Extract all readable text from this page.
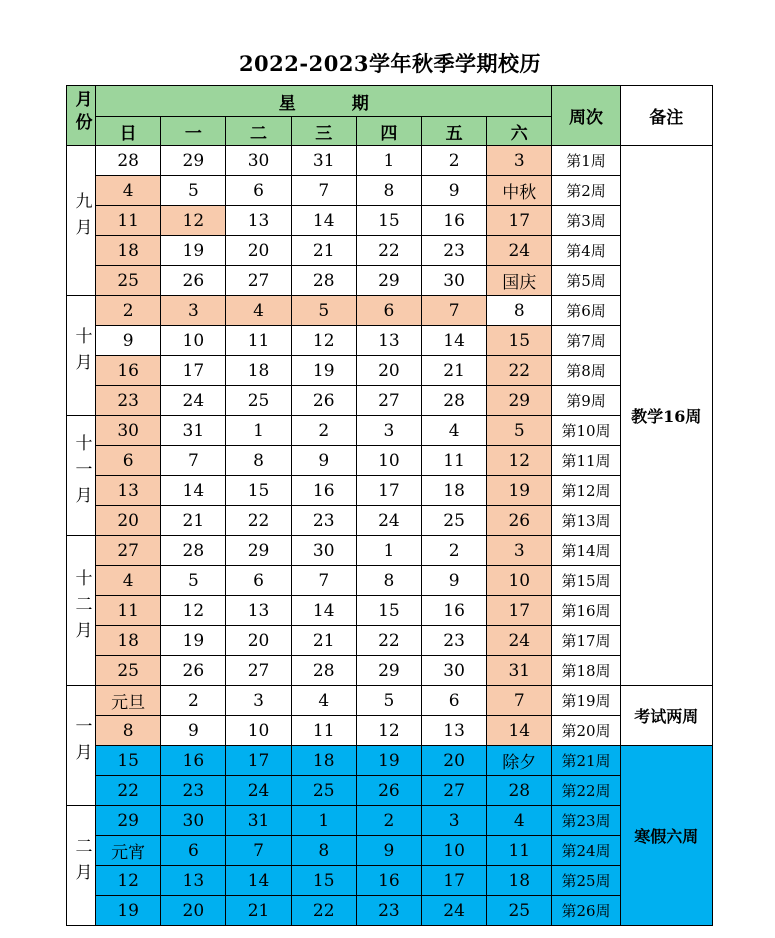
2022-2023学年秋季学期校历
月份	星期							周次	备注
	日	一	二	三	四	五	六		
九月	28	29	30	31	1	2	3	第1周	教学16周
	4	5	6	7	8	9	中秋	第2周	
	11	12	13	14	15	16	17	第3周	
	18	19	20	21	22	23	24	第4周	
	25	26	27	28	29	30	国庆	第5周	
十月	2	3	4	5	6	7	8	第6周	
	9	10	11	12	13	14	15	第7周	
	16	17	18	19	20	21	22	第8周	
	23	24	25	26	27	28	29	第9周	
十一月	30	31	1	2	3	4	5	第10周	
	6	7	8	9	10	11	12	第11周	
	13	14	15	16	17	18	19	第12周	
	20	21	22	23	24	25	26	第13周	
十二月	27	28	29	30	1	2	3	第14周	
	4	5	6	7	8	9	10	第15周	
	11	12	13	14	15	16	17	第16周	
	18	19	20	21	22	23	24	第17周	
	25	26	27	28	29	30	31	第18周	
一月	元旦	2	3	4	5	6	7	第19周	考试两周
	8	9	10	11	12	13	14	第20周	
	15	16	17	18	19	20	除夕	第21周	寒假六周
	22	23	24	25	26	27	28	第22周	
二月	29	30	31	1	2	3	4	第23周	
	元宵	6	7	8	9	10	11	第24周	
	12	13	14	15	16	17	18	第25周	
	19	20	21	22	23	24	25	第26周	
